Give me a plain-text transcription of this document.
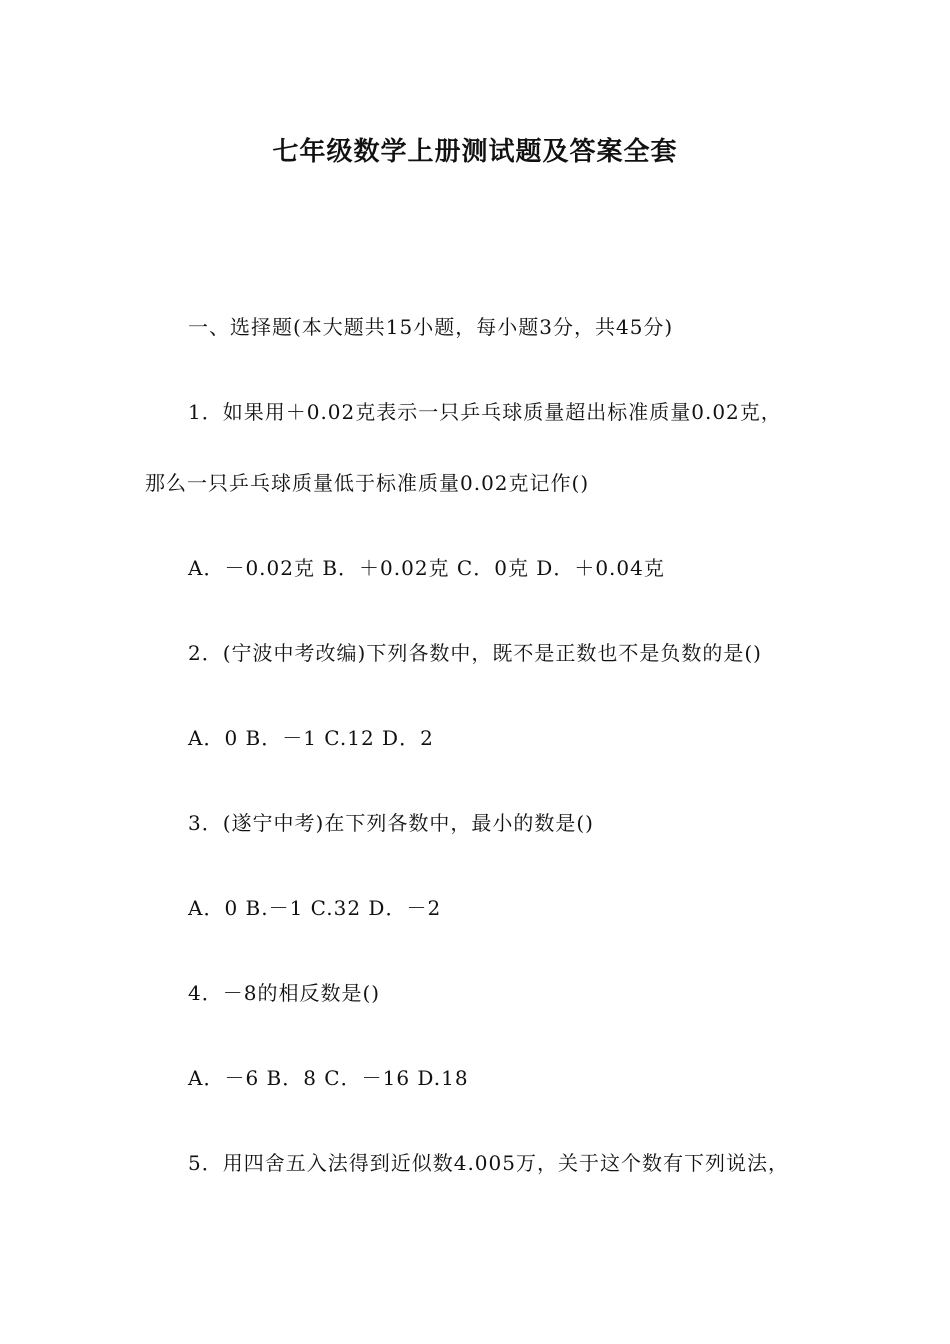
七年级数学上册测试题及答案全套
一、选择题(本大题共15小题，每小题3分，共45分)
1．如果用＋0.02克表示一只乒乓球质量超出标准质量0.02克，
那么一只乒乓球质量低于标准质量0.02克记作()
A．－0.02克 B．＋0.02克 C．0克 D．＋0.04克
2．(宁波中考改编)下列各数中，既不是正数也不是负数的是()
A．0 B．－1 C.12 D．2
3．(遂宁中考)在下列各数中，最小的数是()
A．0 B.－1 C.32 D．－2
4．－8的相反数是()
A．－6 B．8 C．－16 D.18
5．用四舍五入法得到近似数4.005万，关于这个数有下列说法，
